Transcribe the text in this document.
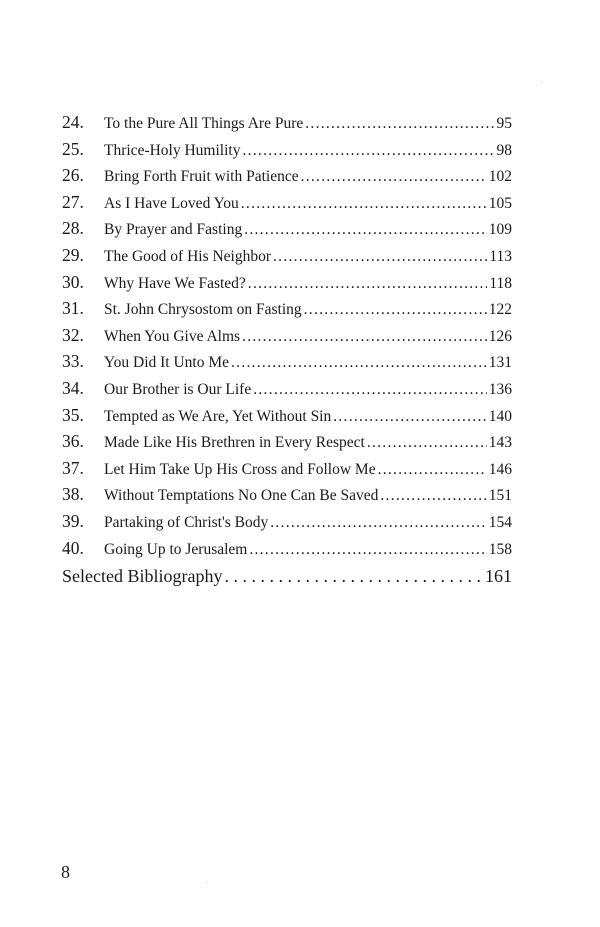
24.	To the Pure All Things Are Pure . . .	95
25.	Thrice-Holy Humility . . .	98
26.	Bring Forth Fruit with Patience . . .	102
27.	As I Have Loved You . . .	105
28.	By Prayer and Fasting . . .	109
29.	The Good of His Neighbor . . .	113
30.	Why Have We Fasted? . . .	118
31.	St. John Chrysostom on Fasting . . .	122
32.	When You Give Alms . . .	126
33.	You Did It Unto Me . . .	131
34.	Our Brother is Our Life . . .	136
35.	Tempted as We Are, Yet Without Sin . . .	140
36.	Made Like His Brethren in Every Respect . . .	143
37.	Let Him Take Up His Cross and Follow Me . . .	146
38.	Without Temptations No One Can Be Saved . . .	151
39.	Partaking of Christ's Body . . .	154
40.	Going Up to Jerusalem . . .	158
Selected Bibliography . . .	161
8
